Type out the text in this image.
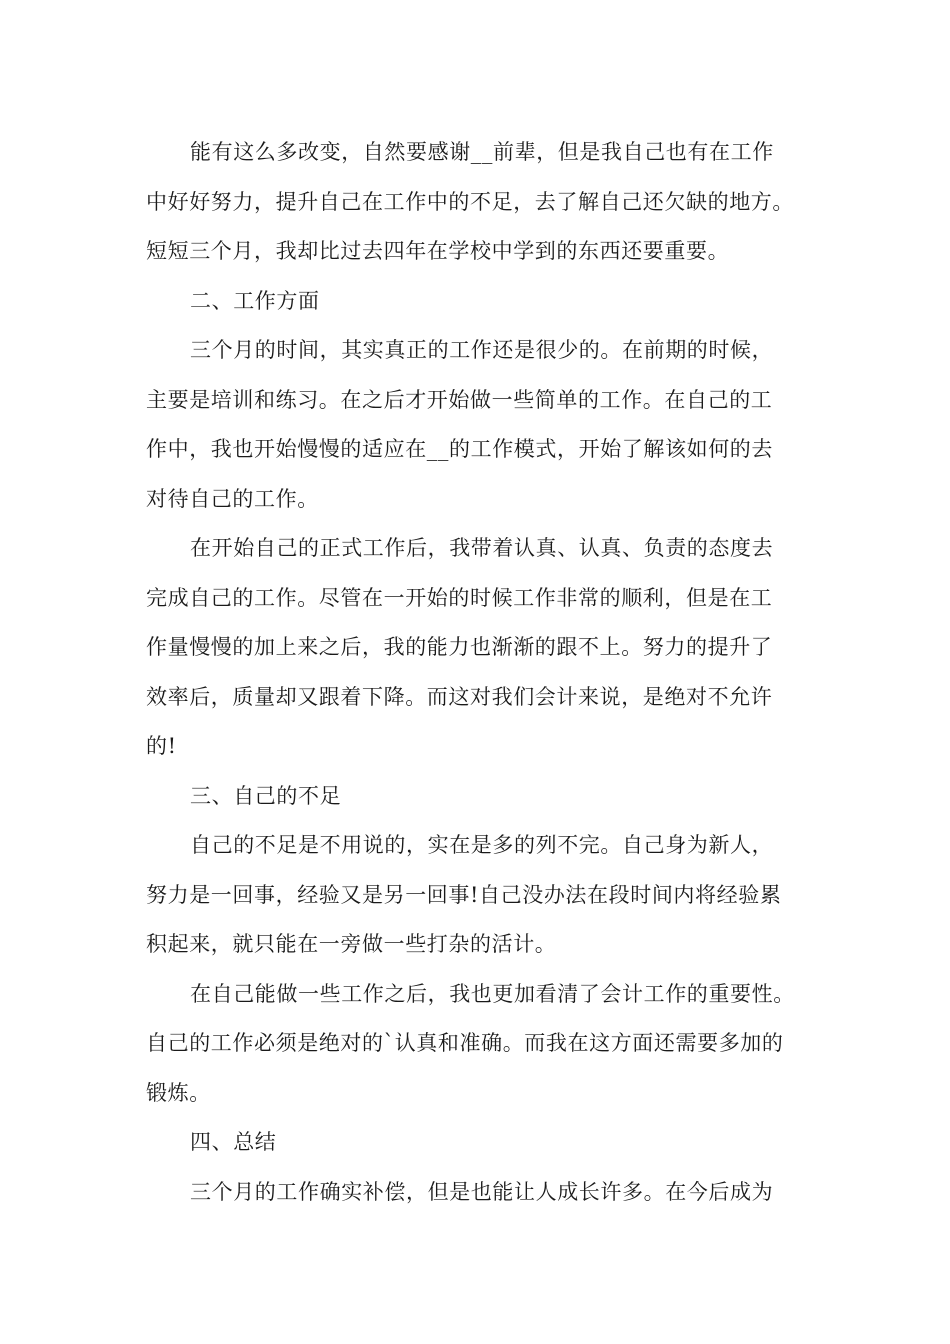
能有这么多改变，自然要感谢__前辈，但是我自己也有在工作
中好好努力，提升自己在工作中的不足，去了解自己还欠缺的地方。
短短三个月，我却比过去四年在学校中学到的东西还要重要。
二、工作方面
三个月的时间，其实真正的工作还是很少的。在前期的时候，
主要是培训和练习。在之后才开始做一些简单的工作。在自己的工
作中，我也开始慢慢的适应在__的工作模式，开始了解该如何的去
对待自己的工作。
在开始自己的正式工作后，我带着认真、认真、负责的态度去
完成自己的工作。尽管在一开始的时候工作非常的顺利，但是在工
作量慢慢的加上来之后，我的能力也渐渐的跟不上。努力的提升了
效率后，质量却又跟着下降。而这对我们会计来说，是绝对不允许
的!
三、自己的不足
自己的不足是不用说的，实在是多的列不完。自己身为新人，
努力是一回事，经验又是另一回事!自己没办法在段时间内将经验累
积起来，就只能在一旁做一些打杂的活计。
在自己能做一些工作之后，我也更加看清了会计工作的重要性。
自己的工作必须是绝对的`认真和准确。而我在这方面还需要多加的
锻炼。
四、总结
三个月的工作确实补偿，但是也能让人成长许多。在今后成为
